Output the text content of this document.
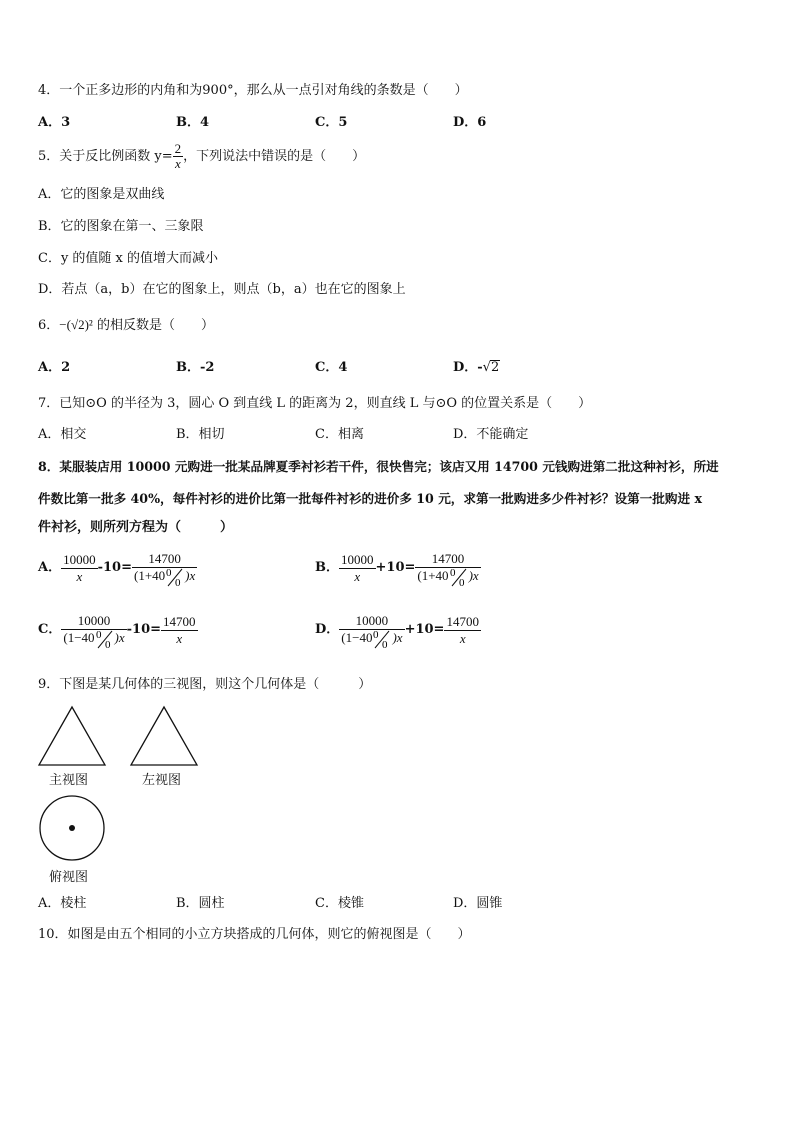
4．一个正多边形的内角和为900°，那么从一点引对角线的条数是（　　）
A．3	B．4	C．5	D．6
5．关于反比例函数 $y= \frac{2}{x}$ ，下列说法中错误的是（　　）
A．它的图象是双曲线
B．它的图象在第一、三象限
C．y 的值随 x 的值增大而减小
D．若点（a，b）在它的图象上，则点（b，a）也在它的图象上
6．−(√2)² 的相反数是（　　）
A．2	B．-2	C．4	D．-√2
7．已知⊙O 的半径为 3，圆心 O 到直线 L 的距离为 2，则直线 L 与⊙O 的位置关系是（　　）
A．相交	B．相切	C．相离	D．不能确定
8．某服装店用 10000 元购进一批某品牌夏季衬衫若干件，很快售完；该店又用 14700 元钱购进第二批这种衬衫，所进
件数比第一批多 40%，每件衬衫的进价比第一批每件衬衫的进价多 10 元，求第一批购进多少件衬衫？设第一批购进 x
件衬衫，则所列方程为（　　　）
A． $\frac{10000}{x} -10= 14700$
(1+40 0
0
)x	B． $\frac{10000}{x} +10= 14700$
(1+40 0
0
)x
C． 10000
(1−40 0
0
)x $-10= \frac{14700}{x}$	D． 10000
(1−40 0
0
)$x +10= \frac{14700}{x}$
9．下图是某几何体的三视图，则这个几何体是（　　　）
主视图	左视图
俯视图
A．棱柱	B．圆柱	C．棱锥	D．圆锥
10．如图是由五个相同的小立方块搭成的几何体，则它的俯视图是（　　）
